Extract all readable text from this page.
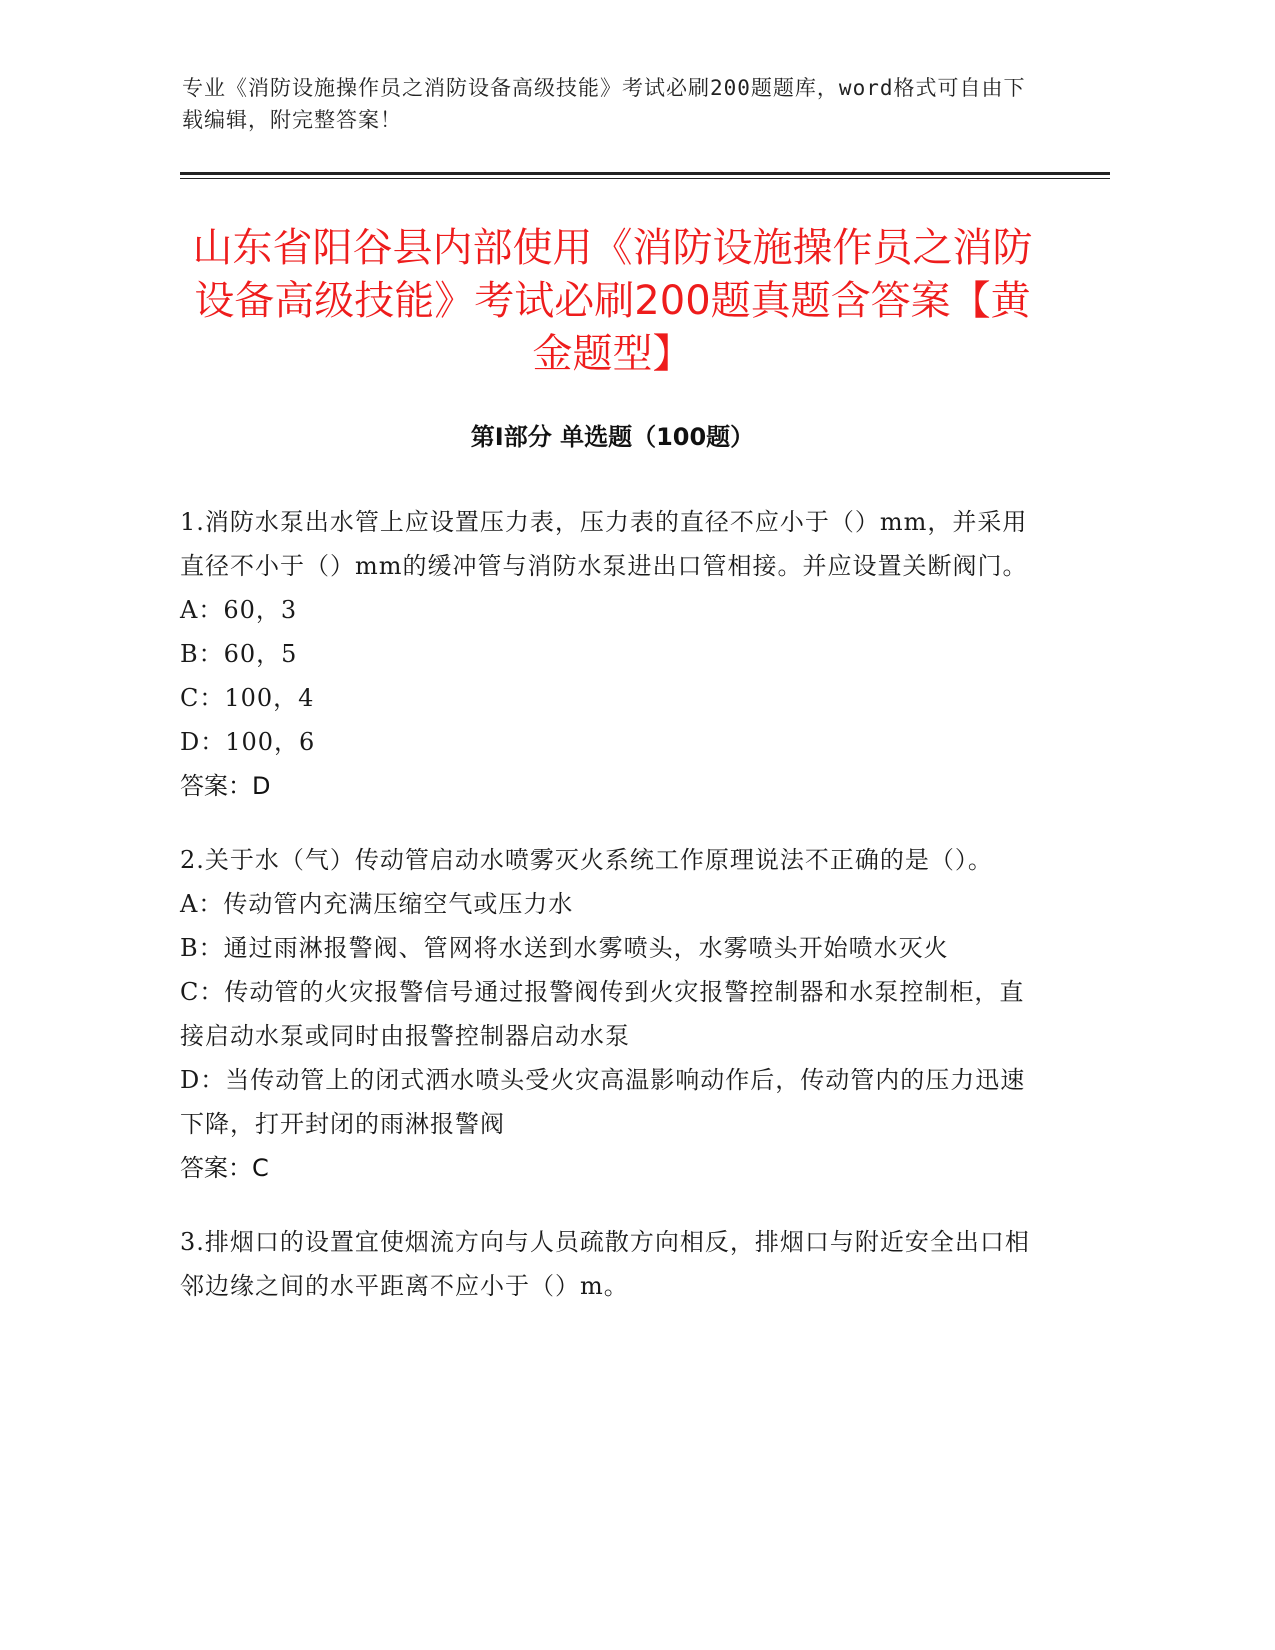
专业《消防设施操作员之消防设备高级技能》考试必刷200题题库，word格式可自由下载编辑，附完整答案！
山东省阳谷县内部使用《消防设施操作员之消防设备高级技能》考试必刷200题真题含答案【黄金题型】
第Ⅰ部分 单选题（100题）
1.消防水泵出水管上应设置压力表，压力表的直径不应小于（）mm，并采用直径不小于（）mm的缓冲管与消防水泵进出口管相接。并应设置关断阀门。
A：60，3
B：60，5
C：100，4
D：100，6
答案：D
2.关于水（气）传动管启动水喷雾灭火系统工作原理说法不正确的是（）。
A：传动管内充满压缩空气或压力水
B：通过雨淋报警阀、管网将水送到水雾喷头，水雾喷头开始喷水灭火
C：传动管的火灾报警信号通过报警阀传到火灾报警控制器和水泵控制柜，直接启动水泵或同时由报警控制器启动水泵
D：当传动管上的闭式洒水喷头受火灾高温影响动作后，传动管内的压力迅速下降，打开封闭的雨淋报警阀
答案：C
3.排烟口的设置宜使烟流方向与人员疏散方向相反，排烟口与附近安全出口相邻边缘之间的水平距离不应小于（）m。
